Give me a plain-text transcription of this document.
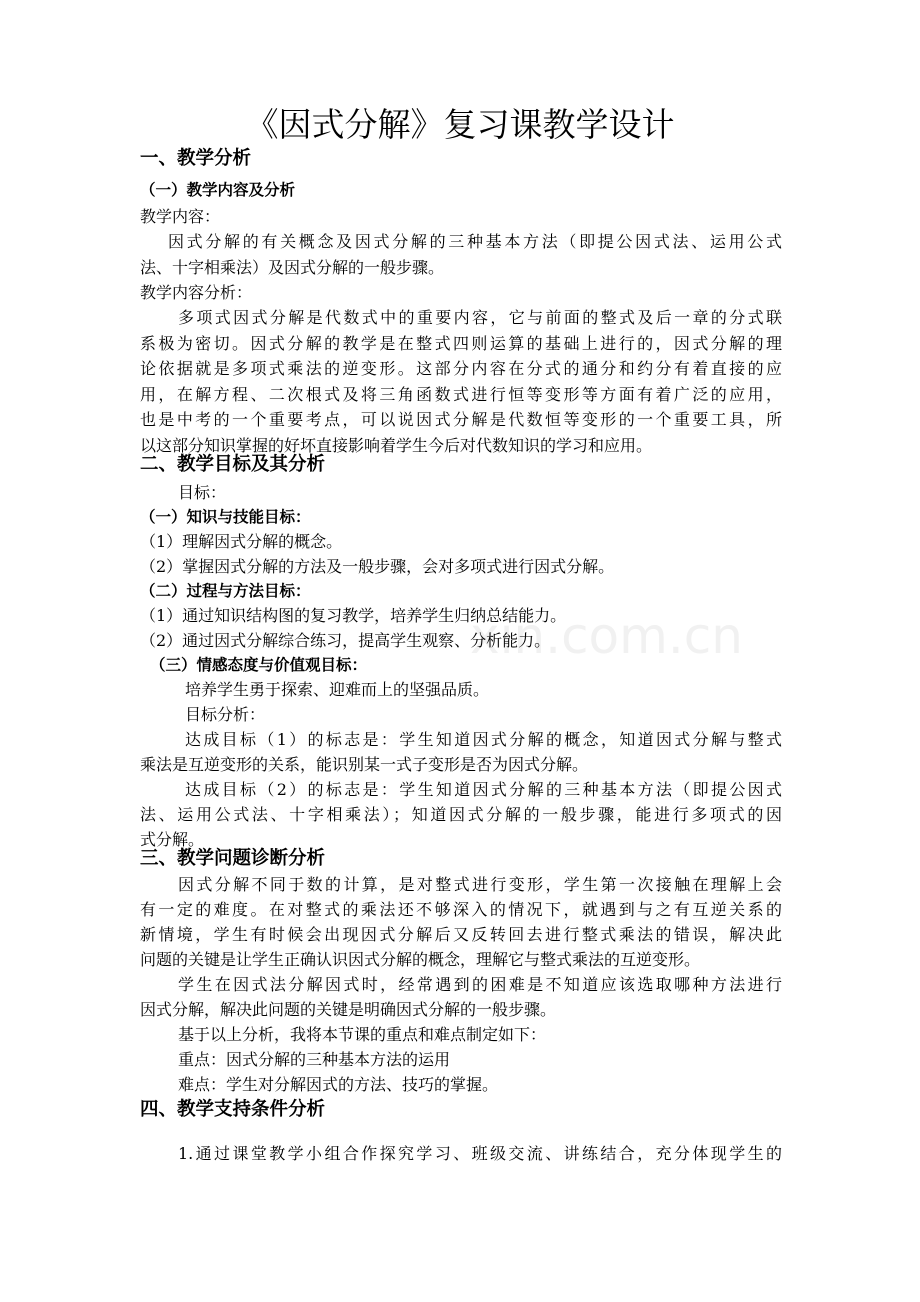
xin.com.cn
《因式分解》复习课教学设计
一、教学分析
（一）教学内容及分析
教学内容：
因式分解的有关概念及因式分解的三种基本方法（即提公因式法、运用公式
法、十字相乘法）及因式分解的一般步骤。
教学内容分析：
多项式因式分解是代数式中的重要内容，它与前面的整式及后一章的分式联
系极为密切。因式分解的教学是在整式四则运算的基础上进行的，因式分解的理
论依据就是多项式乘法的逆变形。这部分内容在分式的通分和约分有着直接的应
用，在解方程、二次根式及将三角函数式进行恒等变形等方面有着广泛的应用，
也是中考的一个重要考点，可以说因式分解是代数恒等变形的一个重要工具，所
以这部分知识掌握的好坏直接影响着学生今后对代数知识的学习和应用。
二、教学目标及其分析
目标：
（一）知识与技能目标：
（1）理解因式分解的概念。
（2）掌握因式分解的方法及一般步骤，会对多项式进行因式分解。
（二）过程与方法目标：
（1）通过知识结构图的复习教学，培养学生归纳总结能力。
（2）通过因式分解综合练习，提高学生观察、分析能力。
（三）情感态度与价值观目标：
培养学生勇于探索、迎难而上的坚强品质。
目标分析：
达成目标（1）的标志是：学生知道因式分解的概念，知道因式分解与整式
乘法是互逆变形的关系，能识别某一式子变形是否为因式分解。
达成目标（2）的标志是：学生知道因式分解的三种基本方法（即提公因式
法、运用公式法、十字相乘法）；知道因式分解的一般步骤，能进行多项式的因
式分解。
三、教学问题诊断分析
因式分解不同于数的计算，是对整式进行变形，学生第一次接触在理解上会
有一定的难度。在对整式的乘法还不够深入的情况下，就遇到与之有互逆关系的
新情境，学生有时候会出现因式分解后又反转回去进行整式乘法的错误，解决此
问题的关键是让学生正确认识因式分解的概念，理解它与整式乘法的互逆变形。
学生在因式法分解因式时，经常遇到的困难是不知道应该选取哪种方法进行
因式分解，解决此问题的关键是明确因式分解的一般步骤。
基于以上分析，我将本节课的重点和难点制定如下：
重点：因式分解的三种基本方法的运用
难点：学生对分解因式的方法、技巧的掌握。
四、教学支持条件分析
1.通过课堂教学小组合作探究学习、班级交流、讲练结合，充分体现学生的
